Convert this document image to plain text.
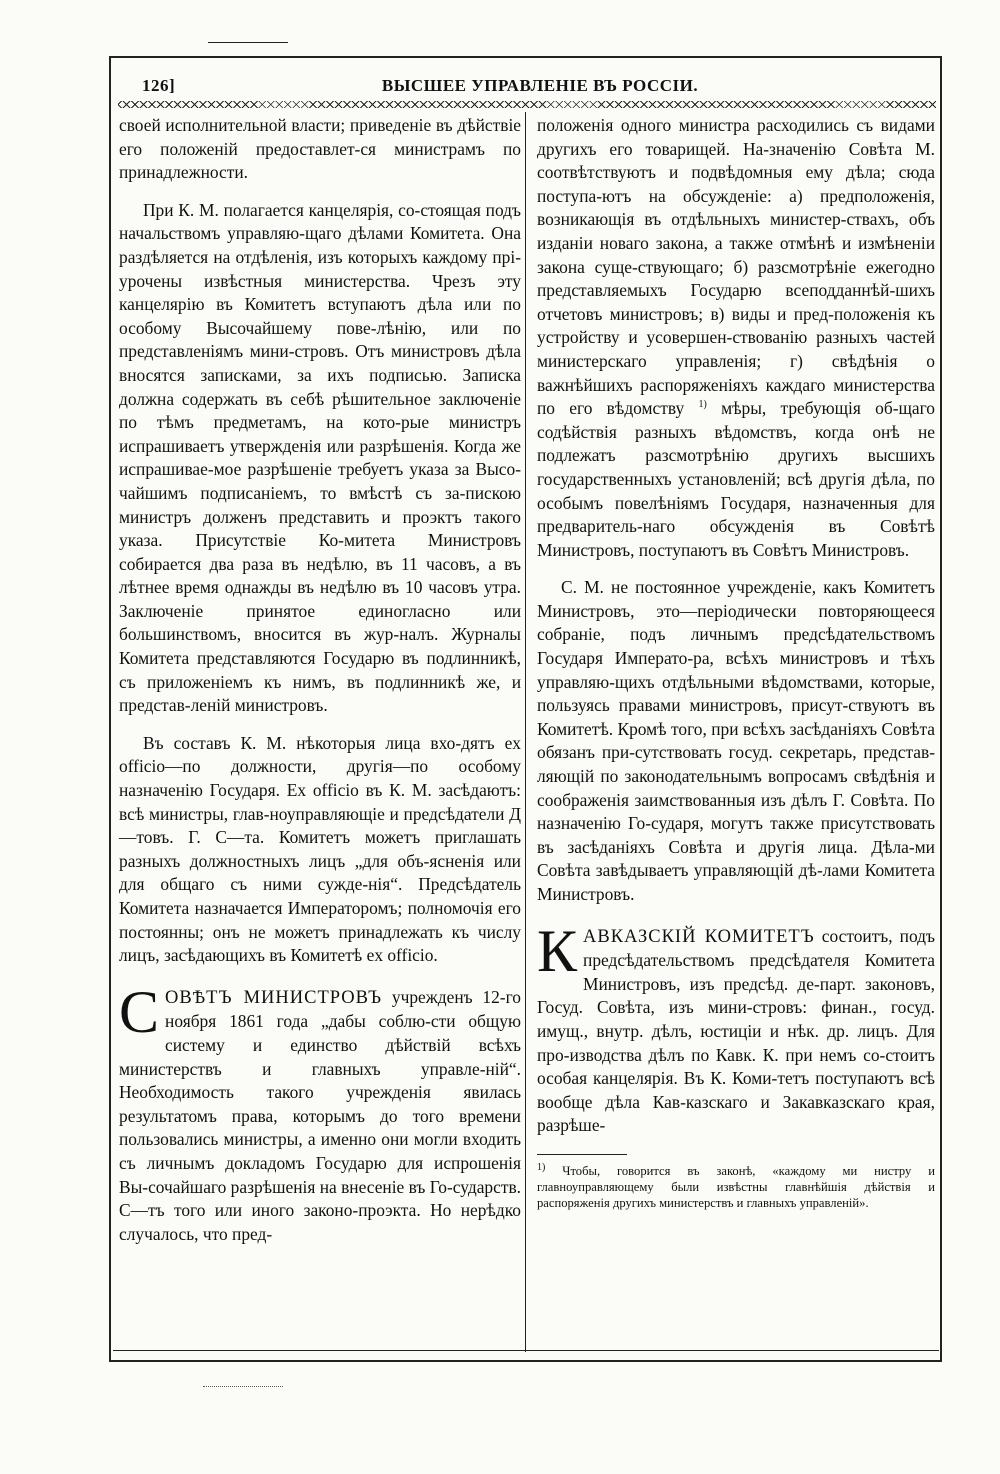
126]	ВЫСШЕЕ УПРАВЛЕНІЕ ВЪ РОССІИ.

своей исполнительной власти; приведеніе въ дѣйствіе его положеній предоставлет-ся министрамъ по принадлежности.

При К. М. полагается канцелярія, со-стоящая подъ начальствомъ управляю-щаго дѣлами Комитета. Она раздѣляется на отдѣленія, изъ которыхъ каждому прі-урочены извѣстныя министерства. Чрезъ эту канцелярію въ Комитетъ вступаютъ дѣла или по особому Высочайшему пове-лѣнію, или по представленіямъ мини-стровъ. Отъ министровъ дѣла вносятся записками, за ихъ подписью. Записка должна содержать въ себѣ рѣшительное заключеніе по тѣмъ предметамъ, на кото-рые министръ испрашиваетъ утвержденія или разрѣшенія. Когда же испрашивае-мое разрѣшеніе требуетъ указа за Высо-чайшимъ подписаніемъ, то вмѣстѣ съ за-пискою министръ долженъ представить и проэктъ такого указа. Присутствіе Ко-митета Министровъ собирается два раза въ недѣлю, въ 11 часовъ, а въ лѣтнее время однажды въ недѣлю въ 10 часовъ утра. Заключеніе принятое единогласно или большинствомъ, вносится въ жур-налъ. Журналы Комитета представляются Государю въ подлинникѣ, съ приложеніемъ къ нимъ, въ подлинникѣ же, и представ-леній министровъ.

Въ составъ К. М. нѣкоторыя лица вхо-дятъ ex officio—по должности, другія—по особому назначенію Государя. Ex officio въ К. М. засѣдаютъ: всѣ министры, глав-ноуправляющіе и предсѣдатели Д—товъ. Г. С—та. Комитетъ можетъ приглашать разныхъ должностныхъ лицъ „для объ-ясненія или для общаго съ ними сужде-нія“. Предсѣдатель Комитета назначается Императоромъ; полномочія его постоянны; онъ не можетъ принадлежать къ числу лицъ, засѣдающихъ въ Комитетѣ ex officio.

С ОВѢТЪ МИНИСТРОВЪ учрежденъ 12-го ноября 1861 года „дабы соблю-сти общую систему и единство дѣйствій всѣхъ министерствъ и главныхъ управле-ній“. Необходимость такого учрежденія явилась результатомъ права, которымъ до того времени пользовались министры, а именно они могли входить съ личнымъ докладомъ Государю для испрошенія Вы-сочайшаго разрѣшенія на внесеніе въ Го-сударств. С—тъ того или иного законо-проэкта. Но нерѣдко случалось, что пред-

положенія одного министра расходились съ видами другихъ его товарищей. На-значенію Совѣта М. соотвѣтствуютъ и подвѣдомныя ему дѣла; сюда поступа-ютъ на обсужденіе: а) предположенія, возникающія въ отдѣльныхъ министер-ствахъ, объ изданіи новаго закона, а также отмѣнѣ и измѣненіи закона суще-ствующаго; б) разсмотрѣніе ежегодно представляемыхъ Государю всеподданнѣй-шихъ отчетовъ министровъ; в) виды и пред-положенія къ устройству и усовершен-ствованію разныхъ частей министерскаго управленія; г) свѣдѣнія о важнѣйшихъ распоряженіяхъ каждаго министерства по его вѣдомству $^{1)}$ мѣры, требующія об-щаго содѣйствія разныхъ вѣдомствъ, когда онѣ не подлежатъ разсмотрѣнію другихъ высшихъ государственныхъ установленій; всѣ другія дѣла, по особымъ повелѣніямъ Государя, назначенныя для предваритель-наго обсужденія въ Совѣтѣ Министровъ, поступаютъ въ Совѣтъ Министровъ.

С. М. не постоянное учрежденіе, какъ Комитетъ Министровъ, это—періодически повторяющееся собраніе, подъ личнымъ предсѣдательствомъ Государя Императо-ра, всѣхъ министровъ и тѣхъ управляю-щихъ отдѣльными вѣдомствами, которые, пользуясь правами министровъ, присут-ствуютъ въ Комитетѣ. Кромѣ того, при всѣхъ засѣданіяхъ Совѣта обязанъ при-сутствовать госуд. секретарь, представ-ляющій по законодательнымъ вопросамъ свѣдѣнія и соображенія заимствованныя изъ дѣлъ Г. Совѣта. По назначенію Го-сударя, могутъ также присутствовать въ засѣданіяхъ Совѣта и другія лица. Дѣла-ми Совѣта завѣдываетъ управляющій дѣ-лами Комитета Министровъ.

К АВКАЗСКІЙ КОМИТЕТЪ состоитъ, подъ предсѣдательствомъ предсѣдателя Комитета Министровъ, изъ предсѣд. де-парт. законовъ, Госуд. Совѣта, изъ мини-стровъ: финан., госуд. имущ., внутр. дѣлъ, юстиціи и нѣк. др. лицъ. Для про-изводства дѣлъ по Кавк. К. при немъ со-стоитъ особая канцелярія. Въ К. Коми-тетъ поступаютъ всѣ вообще дѣла Кав-казскаго и Закавказскаго края, разрѣше-

$^{1)}$ Чтобы, говорится въ законѣ, «каждому ми нистру и главноуправляющему были извѣстны главнѣйшія дѣйствія и распоряженія другихъ министерствъ и главныхъ управленій».
